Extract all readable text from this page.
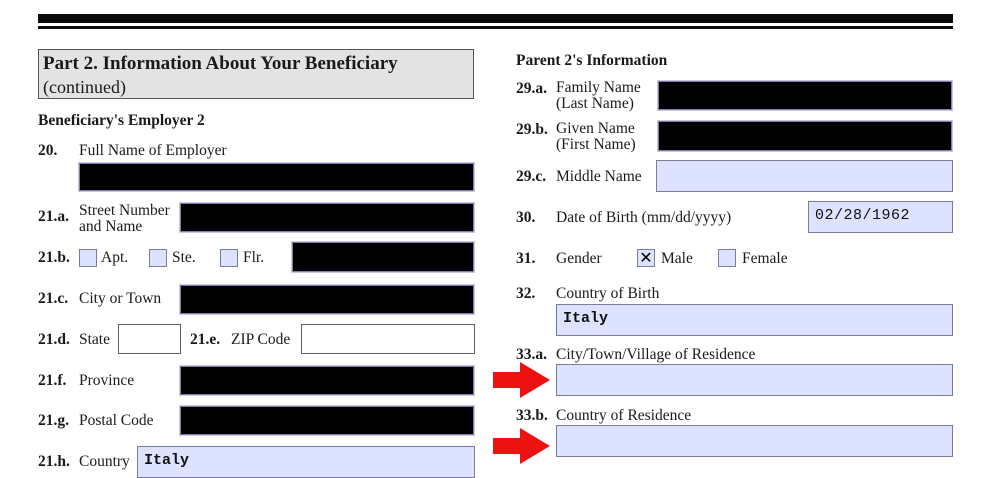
Part 2. Information About Your Beneficiary
(continued)
Beneficiary's Employer 2
20. Full Name of Employer
21.a. Street Number
and Name
21.b. Apt.	Ste.	Flr.
21.c. City or Town
21.d. State	21.e. ZIP Code
21.f. Province
21.g. Postal Code
21.h. Country Italy
Parent 2's Information
29.a. Family Name
(Last Name)
29.b. Given Name
(First Name)
29.c. Middle Name
30. Date of Birth (mm/dd/yyyy)	02/28/1962
31. Gender ✕ Male	Female
32. Country of Birth
Italy
33.a. City/Town/Village of Residence
33.b. Country of Residence
